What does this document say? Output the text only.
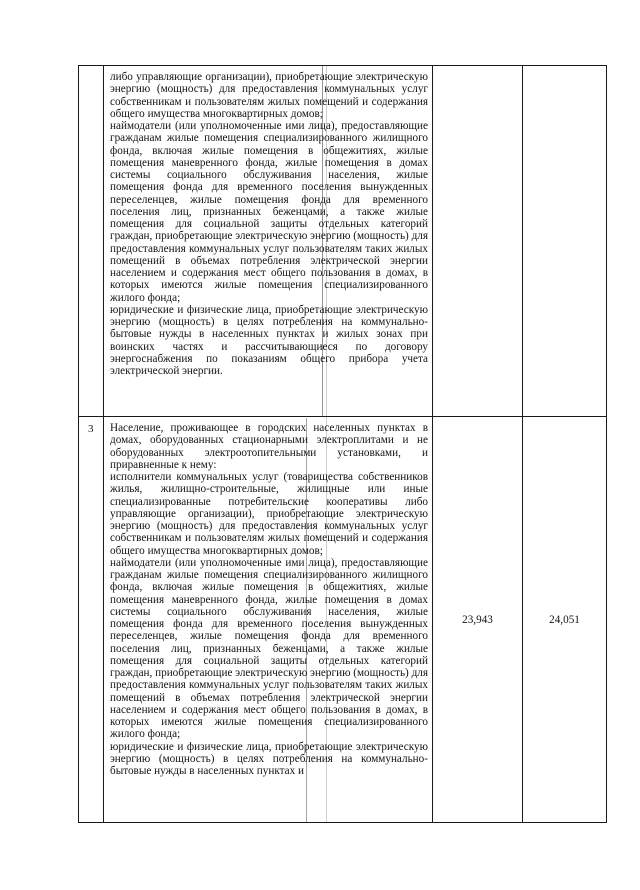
либо управляющие организации), приобретающие электрическую энергию (мощность) для предоставления коммунальных услуг собственникам и пользователям жилых помещений и содержания общего имущества многоквартирных домов;
наймодатели (или уполномоченные ими лица), предоставляющие гражданам жилые помещения специализированного жилищного фонда, включая жилые помещения в общежитиях, жилые помещения маневренного фонда, жилые помещения в домах системы социального обслуживания населения, жилые помещения фонда для временного поселения вынужденных переселенцев, жилые помещения фонда для временного поселения лиц, признанных беженцами, а также жилые помещения для социальной защиты отдельных категорий граждан, приобретающие электрическую энергию (мощность) для предоставления коммунальных услуг пользователям таких жилых помещений в объемах потребления электрической энергии населением и содержания мест общего пользования в домах, в которых имеются жилые помещения специализированного жилого фонда;
юридические и физические лица, приобретающие электрическую энергию (мощность) в целях потребления на коммунально-бытовые нужды в населенных пунктах и жилых зонах при воинских частях и рассчитывающиеся по договору энергоснабжения по показаниям общего прибора учета электрической энергии.
3	Население, проживающее в городских населенных пунктах в домах, оборудованных стационарными электроплитами и не оборудованных электроотопительными установками, и приравненные к нему:
исполнители коммунальных услуг (товарищества собственников жилья, жилищно-строительные, жилищные или иные специализированные потребительские кооперативы либо управляющие организации), приобретающие электрическую энергию (мощность) для предоставления коммунальных услуг собственникам и пользователям жилых помещений и содержания общего имущества многоквартирных домов;
наймодатели (или уполномоченные ими лица), предоставляющие гражданам жилые помещения специализированного жилищного фонда, включая жилые помещения в общежитиях, жилые помещения маневренного фонда, жилые помещения в домах системы социального обслуживания населения, жилые помещения фонда для временного поселения вынужденных переселенцев, жилые помещения фонда для временного поселения лиц, признанных беженцами, а также жилые помещения для социальной защиты отдельных категорий граждан, приобретающие электрическую энергию (мощность) для предоставления коммунальных услуг пользователям таких жилых помещений в объемах потребления электрической энергии населением и содержания мест общего пользования в домах, в которых имеются жилые помещения специализированного жилого фонда;
юридические и физические лица, приобретающие электрическую энергию (мощность) в целях потребления на коммунально-бытовые нужды в населенных пунктах и
23,943	24,051
